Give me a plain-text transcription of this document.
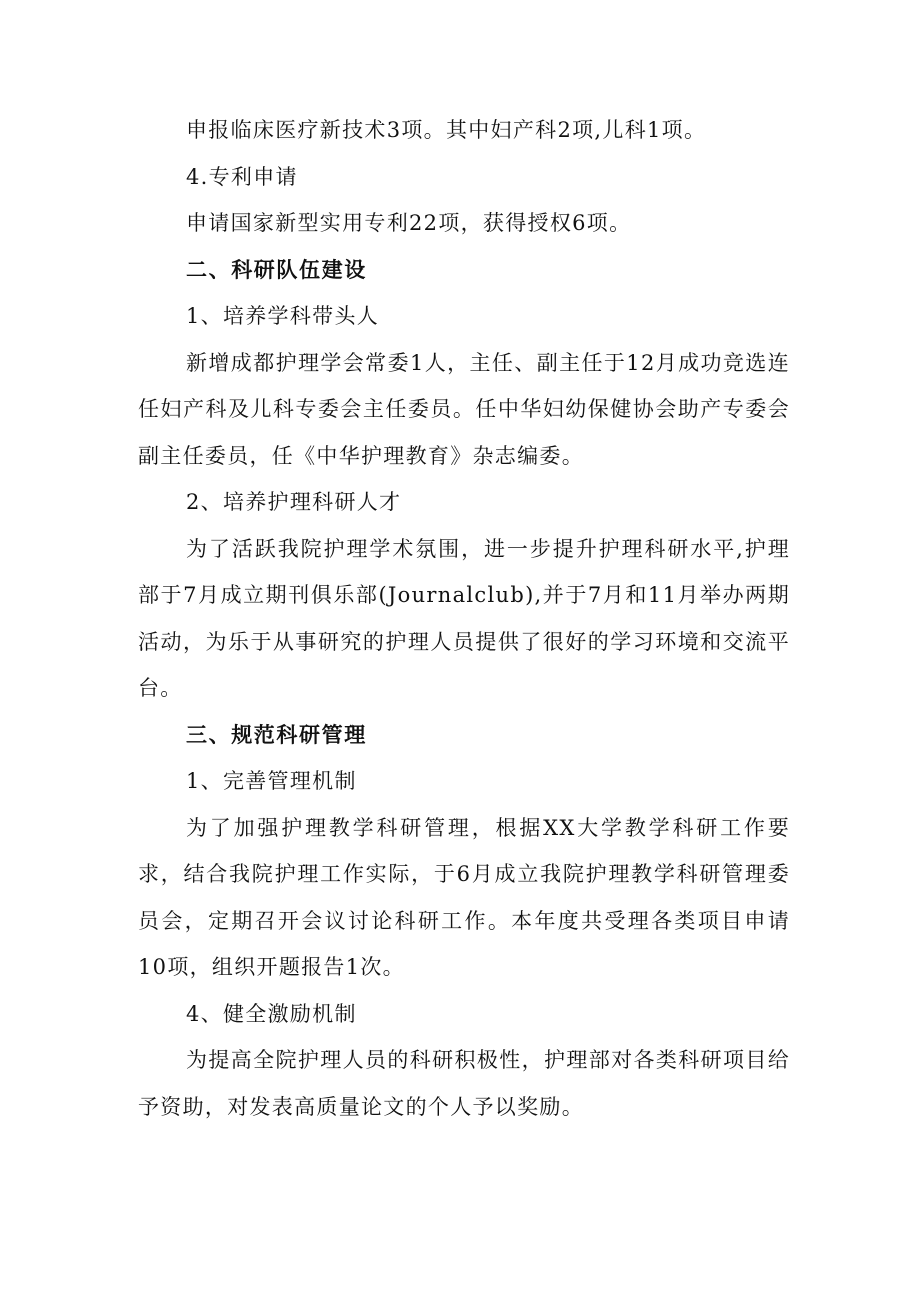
申报临床医疗新技术3项。其中妇产科2项,儿科1项。

4.专利申请

申请国家新型实用专利22项，获得授权6项。

二、科研队伍建设

1、培养学科带头人

新增成都护理学会常委1人，主任、副主任于12月成功竞选连任妇产科及儿科专委会主任委员。任中华妇幼保健协会助产专委会副主任委员，任《中华护理教育》杂志编委。

2、培养护理科研人才

为了活跃我院护理学术氛围，进一步提升护理科研水平,护理部于7月成立期刊俱乐部(Journalclub),并于7月和11月举办两期活动，为乐于从事研究的护理人员提供了很好的学习环境和交流平台。

三、规范科研管理

1、完善管理机制

为了加强护理教学科研管理，根据XX大学教学科研工作要求，结合我院护理工作实际，于6月成立我院护理教学科研管理委员会，定期召开会议讨论科研工作。本年度共受理各类项目申请10项，组织开题报告1次。

4、健全激励机制

为提高全院护理人员的科研积极性，护理部对各类科研项目给予资助，对发表高质量论文的个人予以奖励。
